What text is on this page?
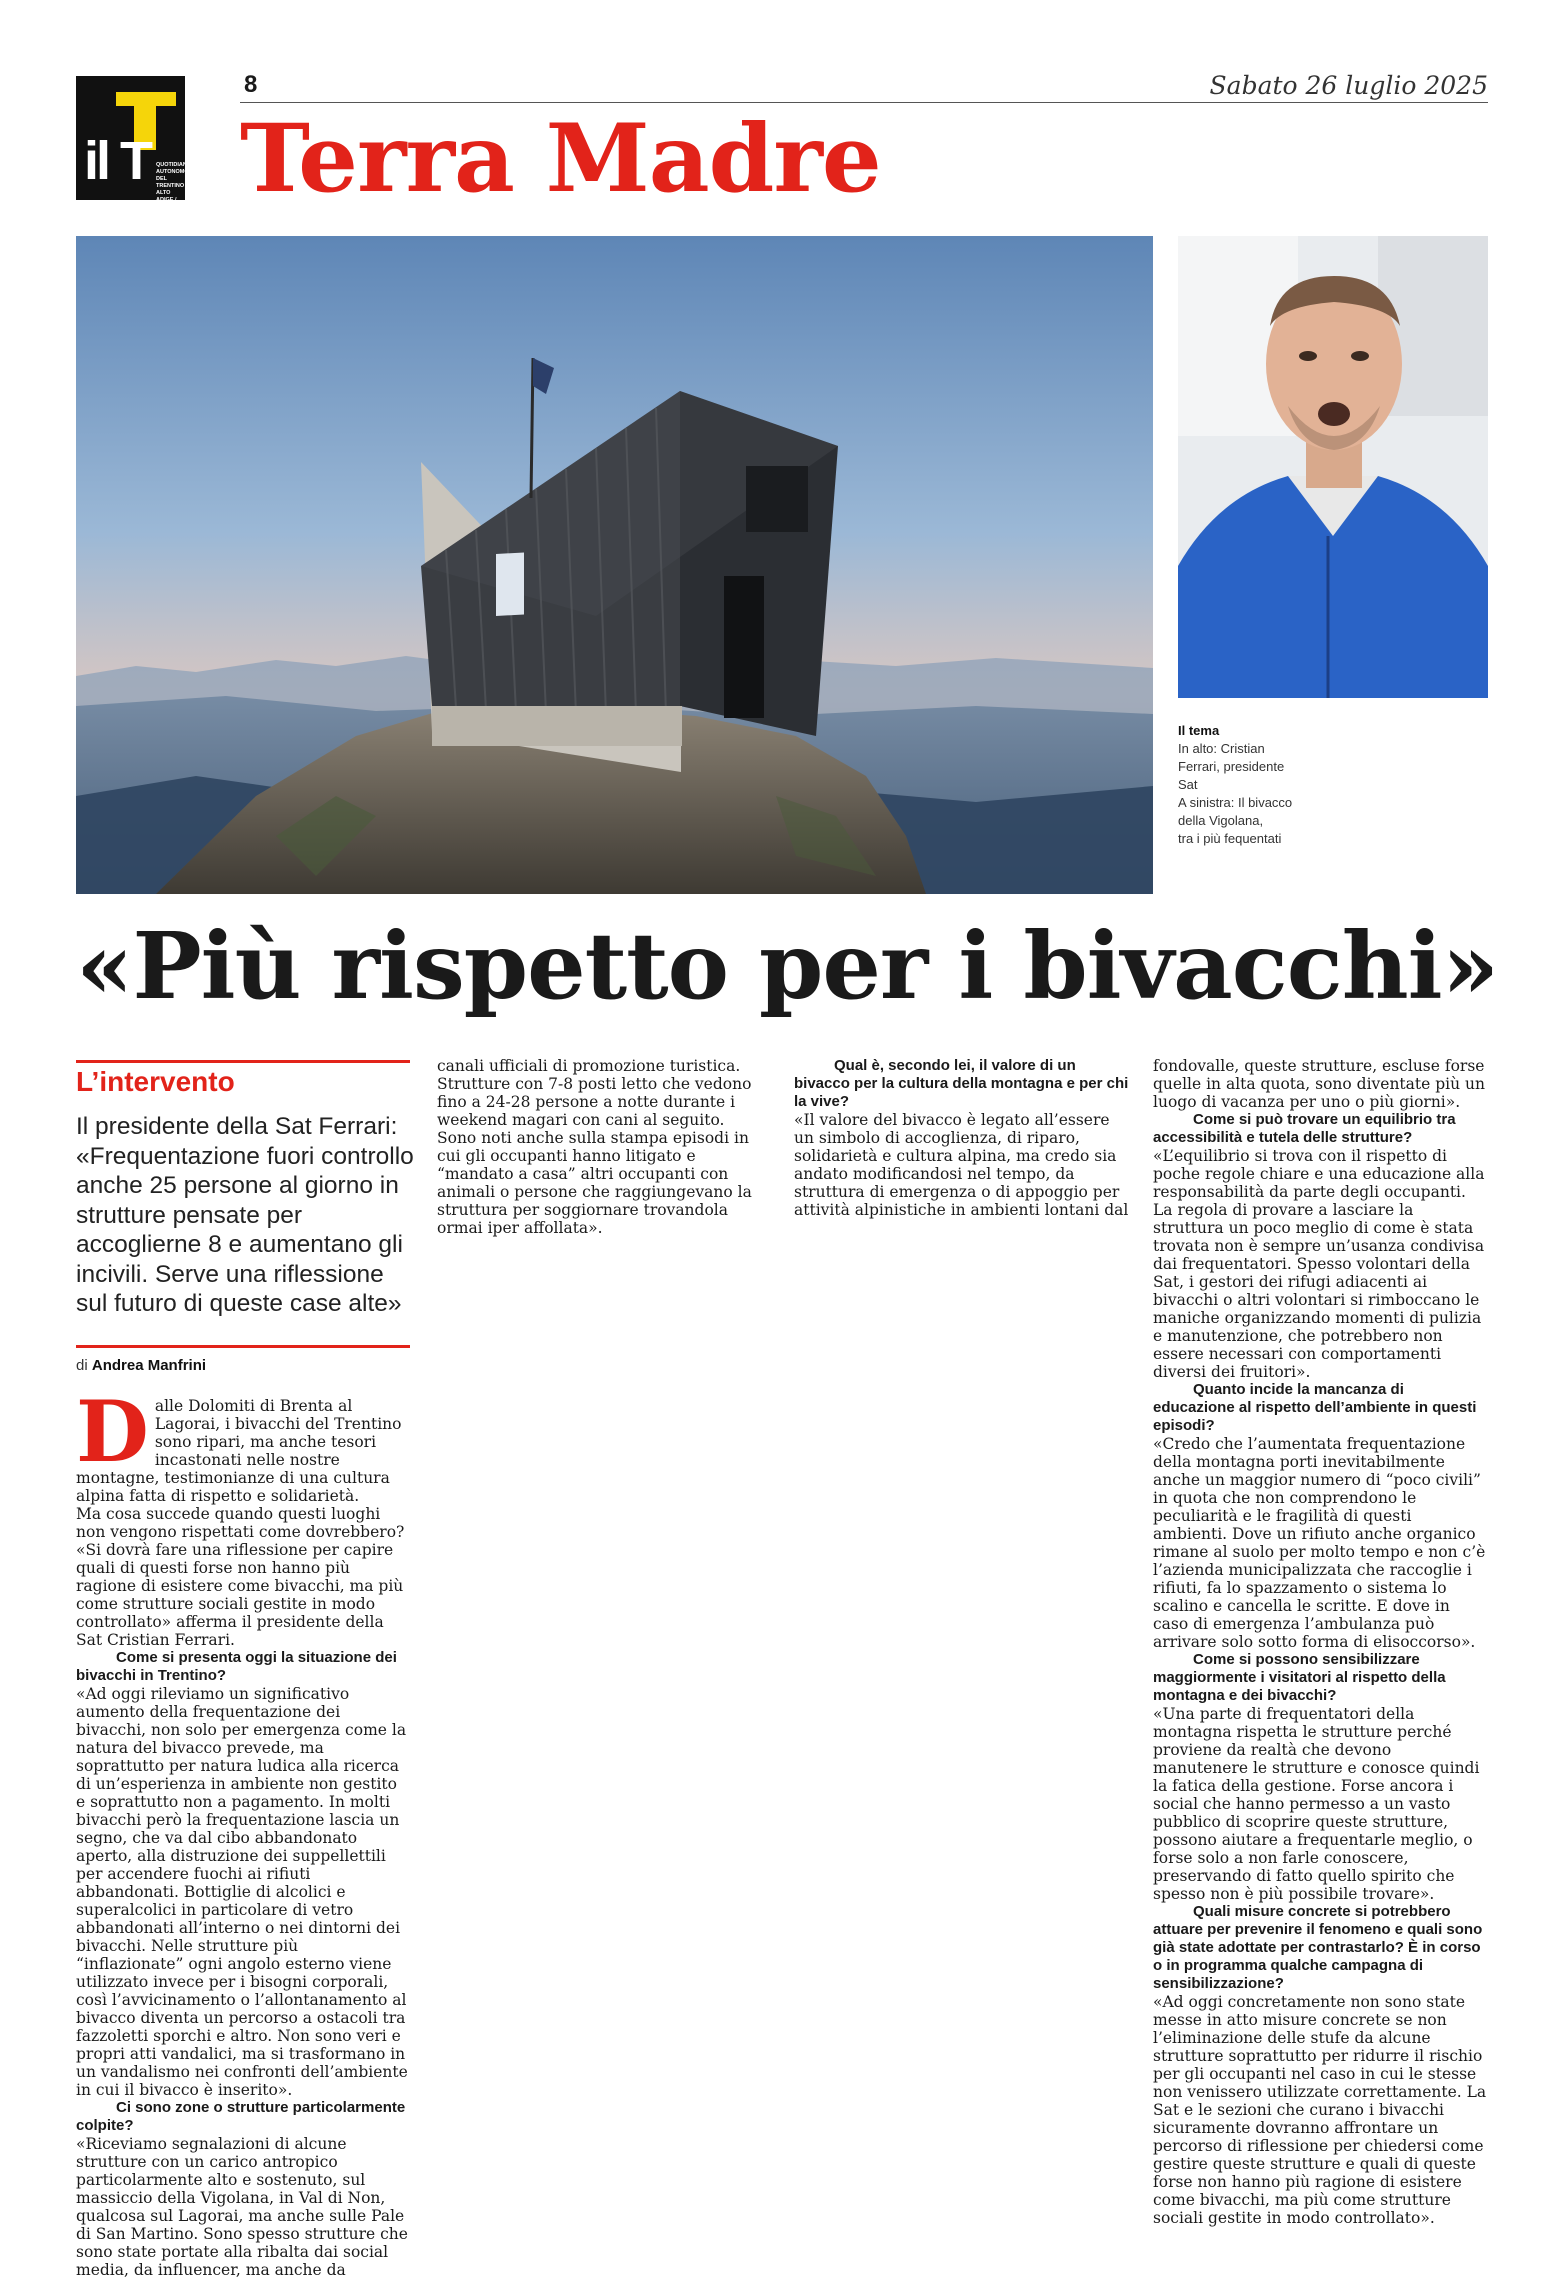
il T QUOTIDIANO AUTONOMO DEL TRENTINO ALTO ADIGE / SÜDTIROL
8	Sabato 26 luglio 2025
Terra Madre
Il tema
In alto: Cristian
Ferrari, presidente
Sat
A sinistra: Il bivacco
della Vigolana,
tra i più fequentati
«Più rispetto per i bivacchi»
L’intervento
Il presidente della Sat Ferrari: «Frequentazione fuori controllo anche 25 persone al giorno in strutture pensate per accoglierne 8 e aumentano gli incivili. Serve una riflessione sul futuro di queste case alte»
di Andrea Manfrini

Dalle Dolomiti di Brenta al Lagorai, i bivacchi del Trentino sono ripari, ma anche tesori incastonati nelle nostre montagne, testimonianze di una cultura alpina fatta di rispetto e solidarietà.

Ma cosa succede quando questi luoghi non vengono rispettati come dovrebbero? «Si dovrà fare una riflessione per capire quali di questi forse non hanno più ragione di esistere come bivacchi, ma più come strutture sociali gestite in modo controllato» afferma il presidente della Sat Cristian Ferrari.

Come si presenta oggi la situazione dei bivacchi in Trentino?

«Ad oggi rileviamo un significativo aumento della frequentazione dei bivacchi, non solo per emergenza come la natura del bivacco prevede, ma soprattutto per natura ludica alla ricerca di un’esperienza in ambiente non gestito e soprattutto non a pagamento. In molti bivacchi però la frequentazione lascia un segno, che va dal cibo abbandonato aperto, alla distruzione dei suppellettili per accendere fuochi ai rifiuti abbandonati. Bottiglie di alcolici e superalcolici in particolare di vetro abbandonati all’interno o nei dintorni dei bivacchi. Nelle strutture più “inflazionate” ogni angolo esterno viene utilizzato invece per i bisogni corporali, così l’avvicinamento o l’allontanamento al bivacco diventa un percorso a ostacoli tra fazzoletti sporchi e altro. Non sono veri e propri atti vandalici, ma si trasformano in un vandalismo nei confronti dell’ambiente in cui il bivacco è inserito».

Ci sono zone o strutture particolarmente colpite?

«Riceviamo segnalazioni di alcune strutture con un carico antropico particolarmente alto e sostenuto, sul massiccio della Vigolana, in Val di Non, qualcosa sul Lagorai, ma anche sulle Pale di San Martino. Sono spesso strutture che sono state portate alla ribalta dai social media, da influencer, ma anche da

canali ufficiali di promozione turistica. Strutture con 7-8 posti letto che vedono fino a 24-28 persone a notte durante i weekend magari con cani al seguito. Sono noti anche sulla stampa episodi in cui gli occupanti hanno litigato e “mandato a casa” altri occupanti con animali o persone che raggiungevano la struttura per soggiornare trovandola ormai iper affollata».

Qual è, secondo lei, il valore di un bivacco per la cultura della montagna e per chi la vive?

«Il valore del bivacco è legato all’essere un simbolo di accoglienza, di riparo, solidarietà e cultura alpina, ma credo sia andato modificandosi nel tempo, da struttura di emergenza o di appoggio per attività alpinistiche in ambienti lontani dal

fondovalle, queste strutture, escluse forse quelle in alta quota, sono diventate più un luogo di vacanza per uno o più giorni».

Come si può trovare un equilibrio tra accessibilità e tutela delle strutture?

«L’equilibrio si trova con il rispetto di poche regole chiare e una educazione alla responsabilità da parte degli occupanti. La regola di provare a lasciare la struttura un poco meglio di come è stata trovata non è sempre un’usanza condivisa dai frequentatori. Spesso volontari della Sat, i gestori dei rifugi adiacenti ai bivacchi o altri volontari si rimboccano le maniche organizzando momenti di pulizia e manutenzione, che potrebbero non essere necessari con comportamenti diversi dei fruitori».

Quanto incide la mancanza di educazione al rispetto dell’ambiente in questi episodi?

«Credo che l’aumentata frequentazione della montagna porti inevitabilmente anche un maggior numero di “poco civili” in quota che non comprendono le peculiarità e le fragilità di questi ambienti. Dove un rifiuto anche organico rimane al suolo per molto tempo e non c’è l’azienda municipalizzata che raccoglie i rifiuti, fa lo spazzamento o sistema lo scalino e cancella le scritte. E dove in caso di emergenza l’ambulanza può arrivare solo sotto forma di elisoccorso».

Come si possono sensibilizzare maggiormente i visitatori al rispetto della montagna e dei bivacchi?

«Una parte di frequentatori della montagna rispetta le strutture perché proviene da realtà che devono manutenere le strutture e conosce quindi la fatica della gestione. Forse ancora i social che hanno permesso a un vasto pubblico di scoprire queste strutture, possono aiutare a frequentarle meglio, o forse solo a non farle conoscere, preservando di fatto quello spirito che spesso non è più possibile trovare».

Quali misure concrete si potrebbero attuare per prevenire il fenomeno e quali sono già state adottate per contrastarlo? È in corso o in programma qualche campagna di sensibilizzazione?

«Ad oggi concretamente non sono state messe in atto misure concrete se non l’eliminazione delle stufe da alcune strutture soprattutto per ridurre il rischio per gli occupanti nel caso in cui le stesse non venissero utilizzate correttamente. La Sat e le sezioni che curano i bivacchi sicuramente dovranno affrontare un percorso di riflessione per chiedersi come gestire queste strutture e quali di queste forse non hanno più ragione di esistere come bivacchi, ma più come strutture sociali gestite in modo controllato».
